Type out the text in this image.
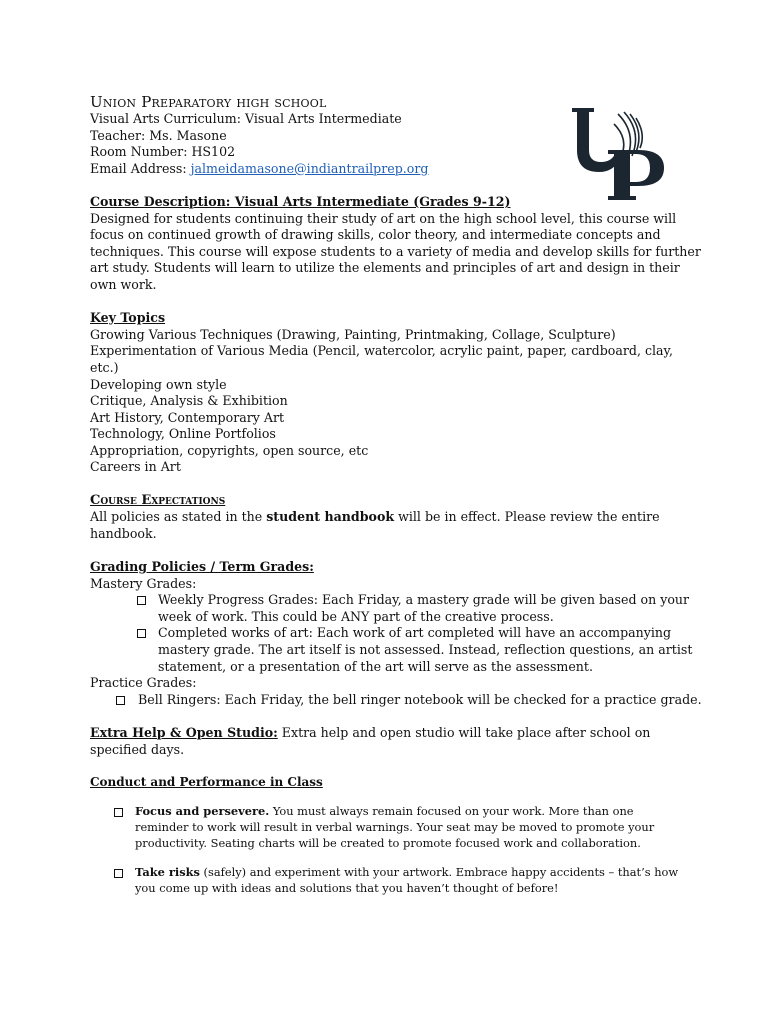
UP
Union Preparatory high school
Visual Arts Curriculum: Visual Arts Intermediate
Teacher: Ms. Masone
Room Number: HS102
Email Address: jalmeidamasone@indiantrailprep.org
Course Description: Visual Arts Intermediate (Grades 9-12)
Designed for students continuing their study of art on the high school level, this course will
focus on continued growth of drawing skills, color theory, and intermediate concepts and
techniques. This course will expose students to a variety of media and develop skills for further
art study. Students will learn to utilize the elements and principles of art and design in their
own work.
Key Topics
Growing Various Techniques (Drawing, Painting, Printmaking, Collage, Sculpture)
Experimentation of Various Media (Pencil, watercolor, acrylic paint, paper, cardboard, clay,
etc.)
Developing own style
Critique, Analysis & Exhibition
Art History, Contemporary Art
Technology, Online Portfolios
Appropriation, copyrights, open source, etc
Careers in Art
Course Expectations
All policies as stated in the student handbook will be in effect. Please review the entire
handbook.
Grading Policies / Term Grades:
Mastery Grades:
Weekly Progress Grades: Each Friday, a mastery grade will be given based on your
week of work. This could be ANY part of the creative process.
Completed works of art: Each work of art completed will have an accompanying
mastery grade. The art itself is not assessed. Instead, reflection questions, an artist
statement, or a presentation of the art will serve as the assessment.
Practice Grades:
Bell Ringers: Each Friday, the bell ringer notebook will be checked for a practice grade.
Extra Help & Open Studio: Extra help and open studio will take place after school on
specified days.
Conduct and Performance in Class
Focus and persevere. You must always remain focused on your work. More than one
reminder to work will result in verbal warnings. Your seat may be moved to promote your
productivity. Seating charts will be created to promote focused work and collaboration.
Take risks (safely) and experiment with your artwork. Embrace happy accidents – that’s how
you come up with ideas and solutions that you haven’t thought of before!
